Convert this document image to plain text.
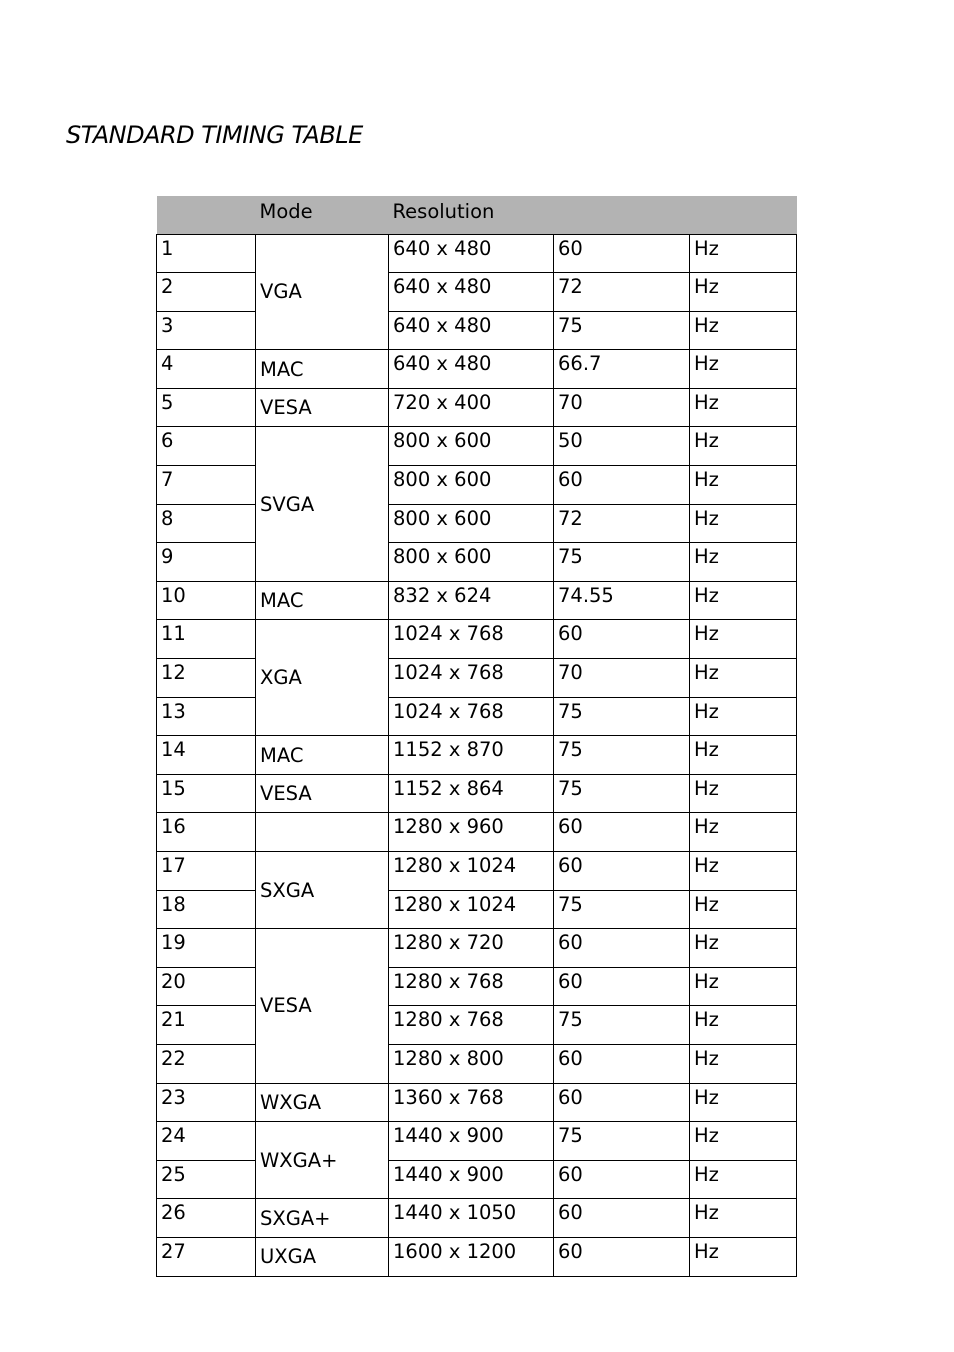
STANDARD TIMING TABLE
	Mode	Resolution		
1	VGA	640 x 480	60	Hz
2		640 x 480	72	Hz
3		640 x 480	75	Hz
4	MAC	640 x 480	66.7	Hz
5	VESA	720 x 400	70	Hz
6	SVGA	800 x 600	50	Hz
7		800 x 600	60	Hz
8		800 x 600	72	Hz
9		800 x 600	75	Hz
10	MAC	832 x 624	74.55	Hz
11	XGA	1024 x 768	60	Hz
12		1024 x 768	70	Hz
13		1024 x 768	75	Hz
14	MAC	1152 x 870	75	Hz
15	VESA	1152 x 864	75	Hz
16		1280 x 960	60	Hz
17	SXGA	1280 x 1024	60	Hz
18		1280 x 1024	75	Hz
19	VESA	1280 x 720	60	Hz
20		1280 x 768	60	Hz
21		1280 x 768	75	Hz
22		1280 x 800	60	Hz
23	WXGA	1360 x 768	60	Hz
24	WXGA+	1440 x 900	75	Hz
25		1440 x 900	60	Hz
26	SXGA+	1440 x 1050	60	Hz
27	UXGA	1600 x 1200	60	Hz
